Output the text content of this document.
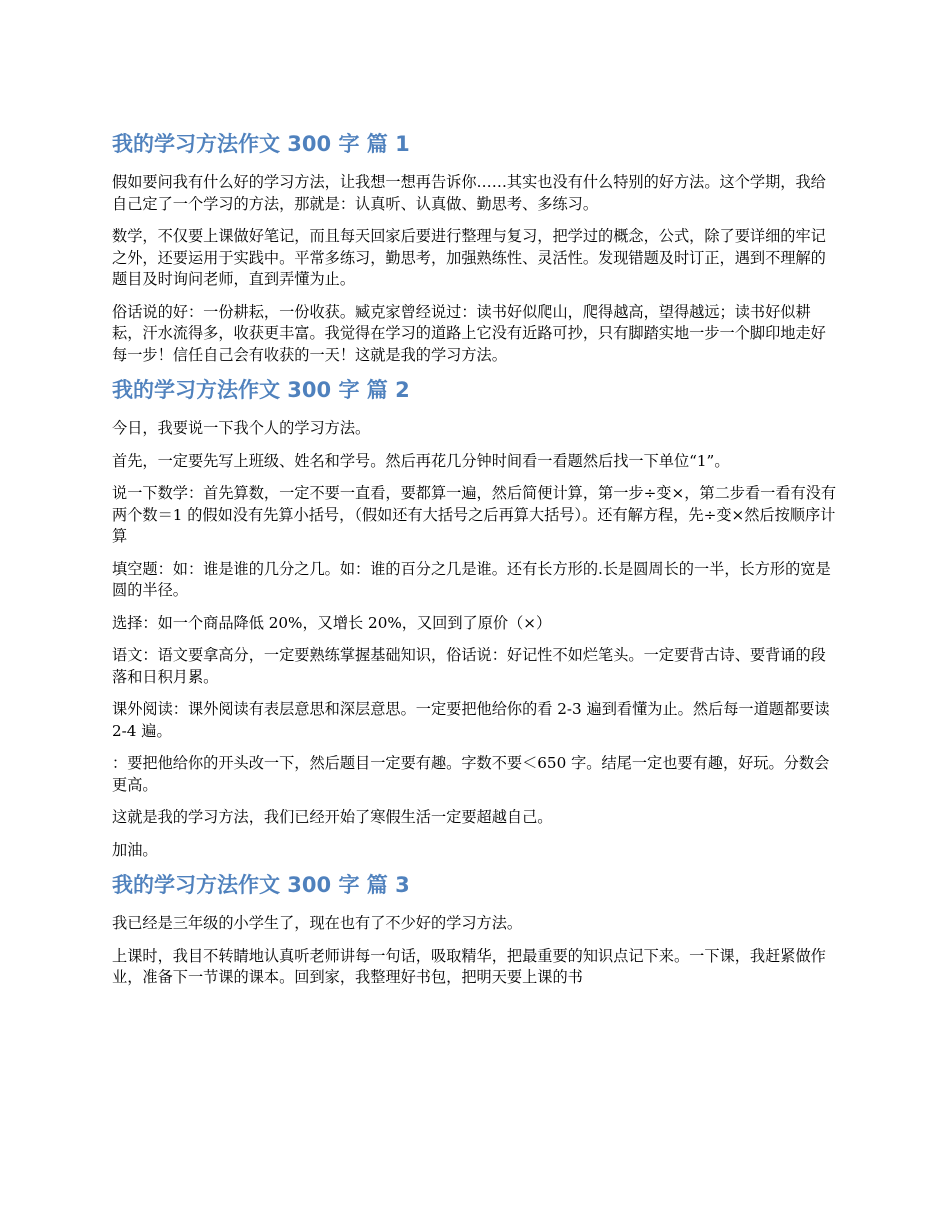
我的学习方法作文 300 字 篇 1

假如要问我有什么好的学习方法，让我想一想再告诉你……其实也没有什么特别的好方法。这个学期，我给自己定了一个学习的方法，那就是：认真听、认真做、勤思考、多练习。

数学，不仅要上课做好笔记，而且每天回家后要进行整理与复习，把学过的概念，公式，除了要详细的牢记之外，还要运用于实践中。平常多练习，勤思考，加强熟练性、灵活性。发现错题及时订正，遇到不理解的题目及时询问老师，直到弄懂为止。

俗话说的好：一份耕耘，一份收获。臧克家曾经说过：读书好似爬山，爬得越高，望得越远；读书好似耕耘，汗水流得多，收获更丰富。我觉得在学习的道路上它没有近路可抄，只有脚踏实地一步一个脚印地走好每一步！信任自己会有收获的一天！这就是我的学习方法。

我的学习方法作文 300 字 篇 2

今日，我要说一下我个人的学习方法。

首先，一定要先写上班级、姓名和学号。然后再花几分钟时间看一看题然后找一下单位“1”。

说一下数学：首先算数，一定不要一直看，要都算一遍，然后简便计算，第一步÷变×，第二步看一看有没有两个数＝1 的假如没有先算小括号，（假如还有大括号之后再算大括号）。还有解方程，先÷变×然后按顺序计算

填空题：如：谁是谁的几分之几。如：谁的百分之几是谁。还有长方形的.长是圆周长的一半，长方形的宽是圆的半径。

选择：如一个商品降低 20%，又增长 20%，又回到了原价（×）

语文：语文要拿高分，一定要熟练掌握基础知识，俗话说：好记性不如烂笔头。一定要背古诗、要背诵的段落和日积月累。

课外阅读：课外阅读有表层意思和深层意思。一定要把他给你的看 2-3 遍到看懂为止。然后每一道题都要读 2-4 遍。

：要把他给你的开头改一下，然后题目一定要有趣。字数不要＜650 字。结尾一定也要有趣，好玩。分数会更高。

这就是我的学习方法，我们已经开始了寒假生活一定要超越自己。

加油。

我的学习方法作文 300 字 篇 3

我已经是三年级的小学生了，现在也有了不少好的学习方法。

上课时，我目不转睛地认真听老师讲每一句话，吸取精华，把最重要的知识点记下来。一下课，我赶紧做作业，准备下一节课的课本。回到家，我整理好书包，把明天要上课的书
